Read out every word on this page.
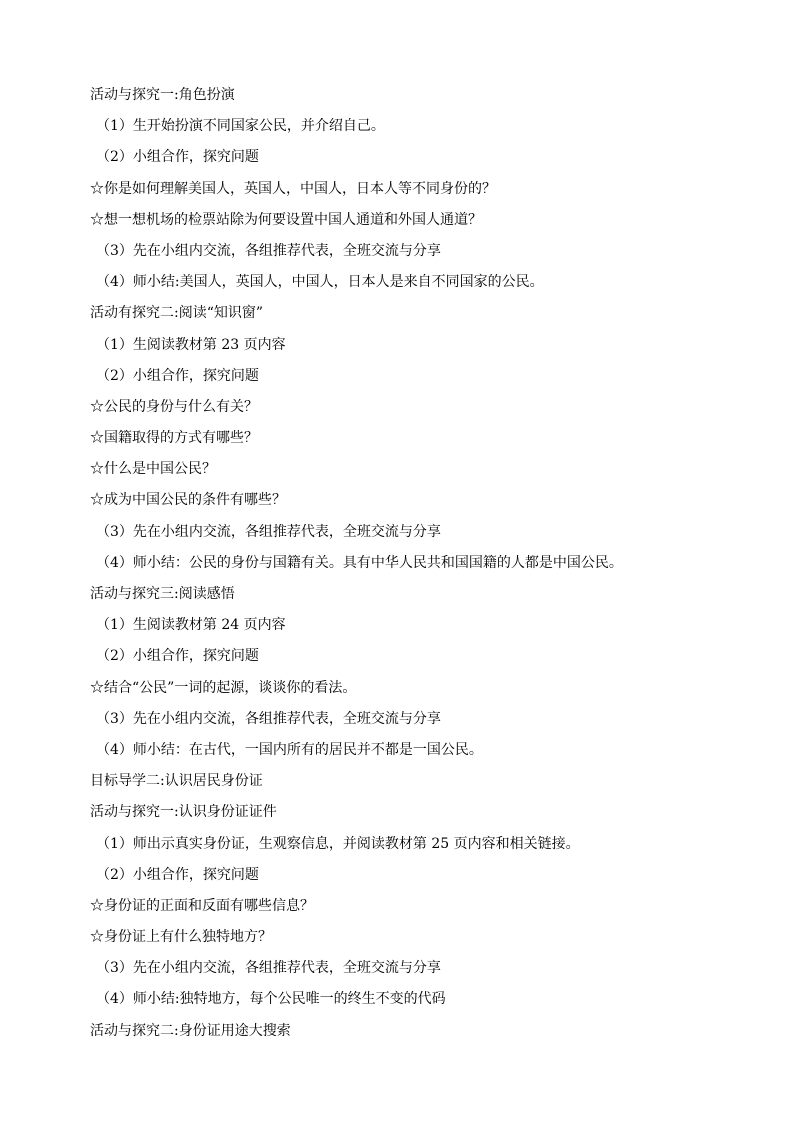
活动与探究一:角色扮演
（1）生开始扮演不同国家公民，并介绍自己。
（2）小组合作，探究问题
☆你是如何理解美国人，英国人，中国人，日本人等不同身份的？
☆想一想机场的检票站除为何要设置中国人通道和外国人通道？
（3）先在小组内交流，各组推荐代表，全班交流与分享
（4）师小结:美国人，英国人，中国人，日本人是来自不同国家的公民。
活动有探究二:阅读“知识窗”
（1）生阅读教材第 23 页内容
（2）小组合作，探究问题
☆公民的身份与什么有关？
☆国籍取得的方式有哪些？
☆什么是中国公民？
☆成为中国公民的条件有哪些？
（3）先在小组内交流，各组推荐代表，全班交流与分享
（4）师小结：公民的身份与国籍有关。具有中华人民共和国国籍的人都是中国公民。
活动与探究三:阅读感悟
（1）生阅读教材第 24 页内容
（2）小组合作，探究问题
☆结合“公民”一词的起源，谈谈你的看法。
（3）先在小组内交流，各组推荐代表，全班交流与分享
（4）师小结：在古代，一国内所有的居民并不都是一国公民。
目标导学二:认识居民身份证
活动与探究一:认识身份证证件
（1）师出示真实身份证，生观察信息，并阅读教材第 25 页内容和相关链接。
（2）小组合作，探究问题
☆身份证的正面和反面有哪些信息？
☆身份证上有什么独特地方？
（3）先在小组内交流，各组推荐代表，全班交流与分享
（4）师小结:独特地方，每个公民唯一的终生不变的代码
活动与探究二:身份证用途大搜索
